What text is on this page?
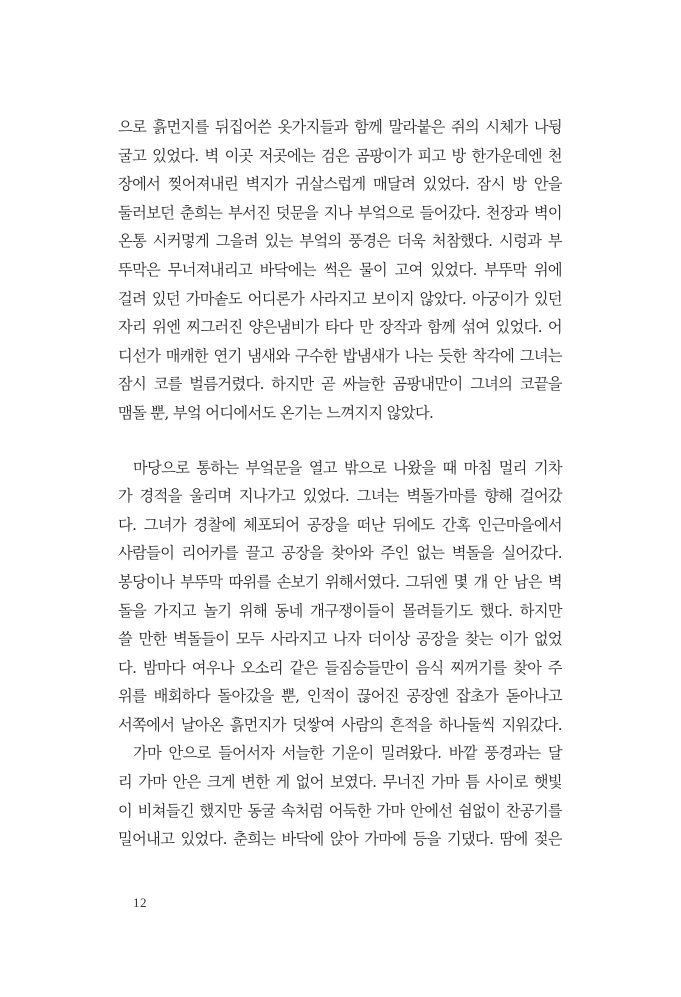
으로 흙먼지를 뒤집어쓴 옷가지들과 함께 말라붙은 쥐의 시체가 나뒹
굴고 있었다. 벽 이곳 저곳에는 검은 곰팡이가 피고 방 한가운데엔 천
장에서 찢어져내린 벽지가 귀살스럽게 매달려 있었다. 잠시 방 안을
둘러보던 춘희는 부서진 덧문을 지나 부엌으로 들어갔다. 천장과 벽이
온통 시커멓게 그을려 있는 부엌의 풍경은 더욱 처참했다. 시렁과 부
뚜막은 무너져내리고 바닥에는 썩은 물이 고여 있었다. 부뚜막 위에
걸려 있던 가마솥도 어디론가 사라지고 보이지 않았다. 아궁이가 있던
자리 위엔 찌그러진 양은냄비가 타다 만 장작과 함께 섞여 있었다. 어
디선가 매캐한 연기 냄새와 구수한 밥냄새가 나는 듯한 착각에 그녀는
잠시 코를 벌름거렸다. 하지만 곧 싸늘한 곰팡내만이 그녀의 코끝을
맴돌 뿐, 부엌 어디에서도 온기는 느껴지지 않았다.
마당으로 통하는 부엌문을 열고 밖으로 나왔을 때 마침 멀리 기차
가 경적을 울리며 지나가고 있었다. 그녀는 벽돌가마를 향해 걸어갔
다. 그녀가 경찰에 체포되어 공장을 떠난 뒤에도 간혹 인근마을에서
사람들이 리어카를 끌고 공장을 찾아와 주인 없는 벽돌을 실어갔다.
봉당이나 부뚜막 따위를 손보기 위해서였다. 그뒤엔 몇 개 안 남은 벽
돌을 가지고 놀기 위해 동네 개구쟁이들이 몰려들기도 했다. 하지만
쓸 만한 벽돌들이 모두 사라지고 나자 더이상 공장을 찾는 이가 없었
다. 밤마다 여우나 오소리 같은 들짐승들만이 음식 찌꺼기를 찾아 주
위를 배회하다 돌아갔을 뿐, 인적이 끊어진 공장엔 잡초가 돋아나고
서쪽에서 날아온 흙먼지가 덧쌓여 사람의 흔적을 하나둘씩 지워갔다.
가마 안으로 들어서자 서늘한 기운이 밀려왔다. 바깥 풍경과는 달
리 가마 안은 크게 변한 게 없어 보였다. 무너진 가마 틈 사이로 햇빛
이 비쳐들긴 했지만 동굴 속처럼 어둑한 가마 안에선 쉼없이 찬공기를
밀어내고 있었다. 춘희는 바닥에 앉아 가마에 등을 기댔다. 땀에 젖은
12
